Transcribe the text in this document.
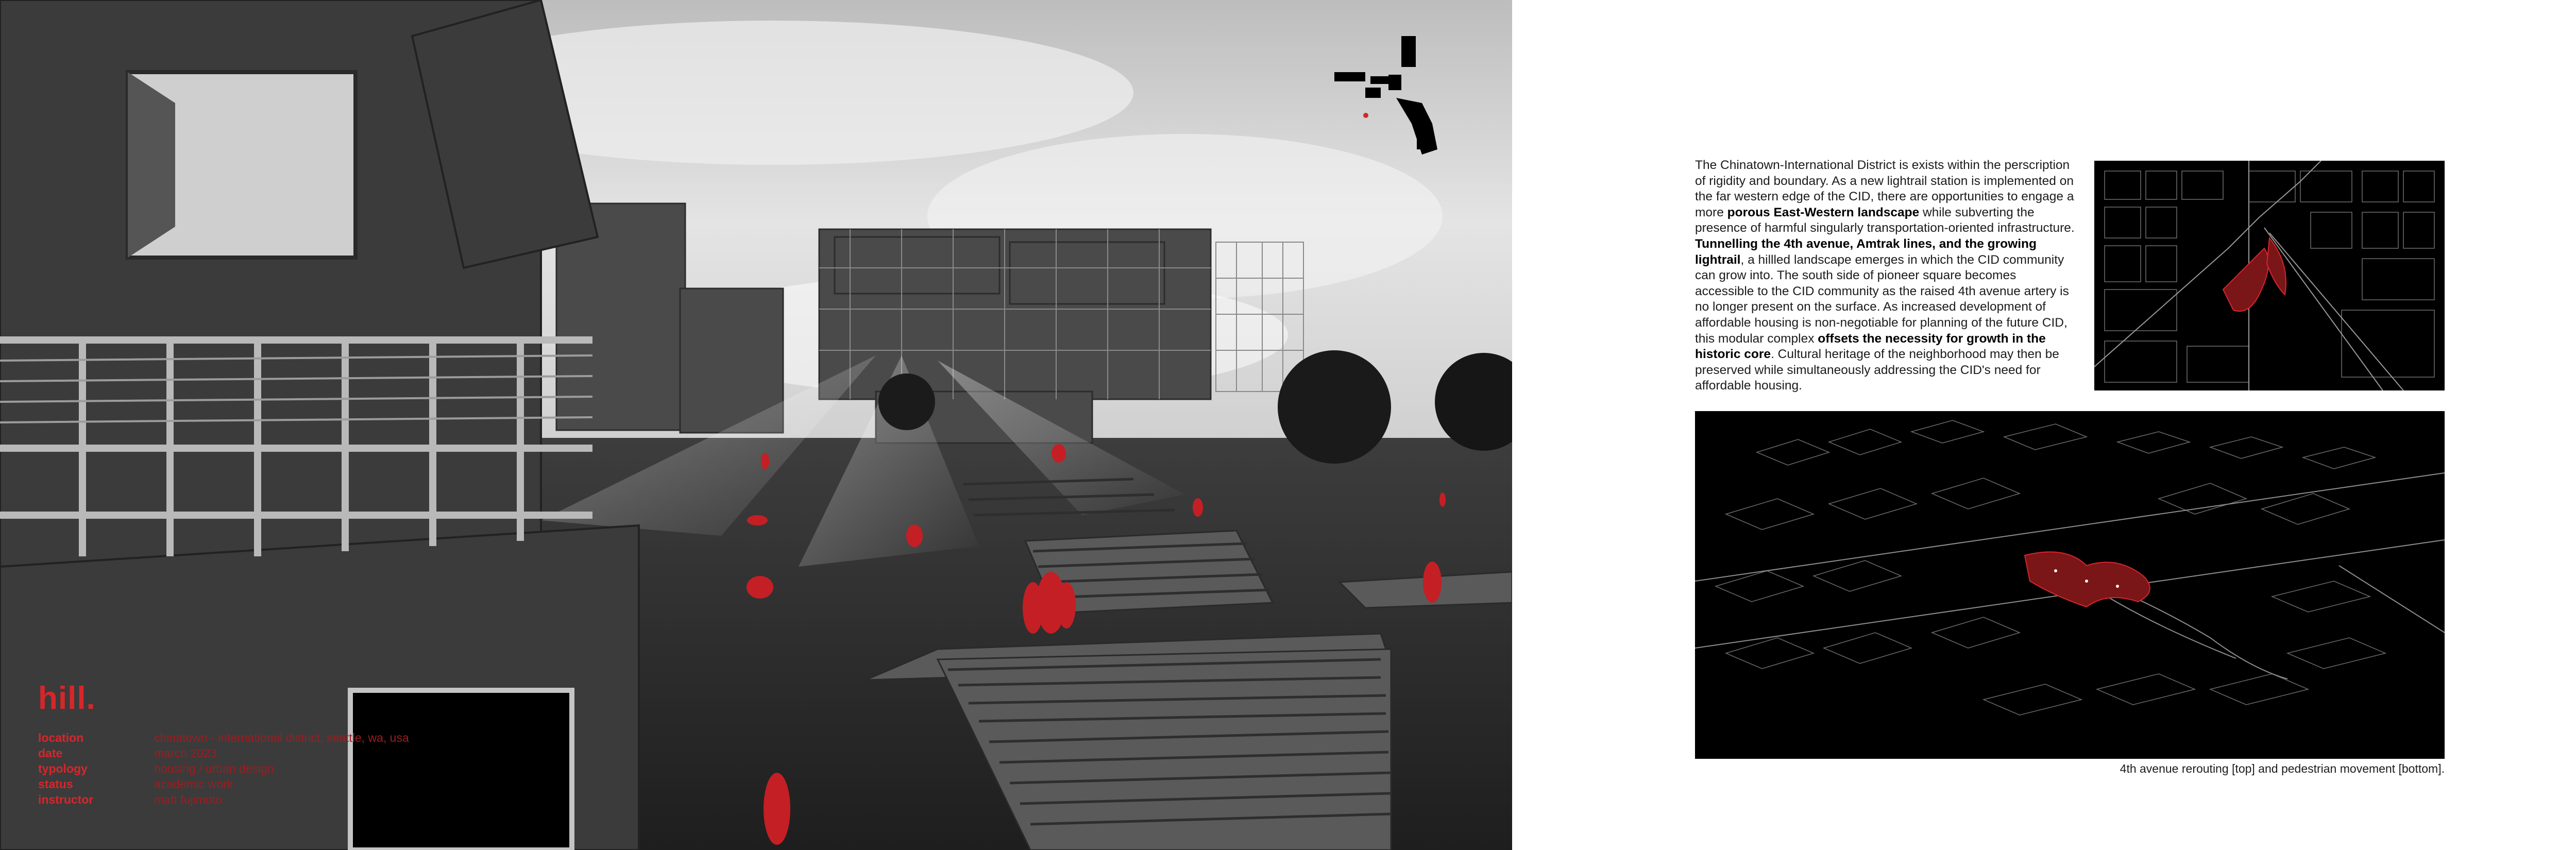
hill.
location	chinatown - international district, seattle, wa, usa
date	march 2023
typology	housing / urban design
status	academic work
instructor	matt fujimoto
The Chinatown-International District is exists within the perscription of rigidity and boundary. As a new lightrail station is implemented on the far western edge of the CID, there are opportunities to engage a more porous East-Western landscape while subverting the presence of harmful singularly transportation-oriented infrastructure. Tunnelling the 4th avenue, Amtrak lines, and the growing lightrail, a hillled landscape emerges in which the CID community can grow into. The south side of pioneer square becomes accessible to the CID community as the raised 4th avenue artery is no longer present on the surface. As increased development of affordable housing is non-negotiable for planning of the future CID, this modular complex offsets the necessity for growth in the historic core. Cultural heritage of the neighborhood may then be preserved while simultaneously addressing the CID's need for affordable housing.
4th avenue rerouting [top] and pedestrian movement [bottom].
